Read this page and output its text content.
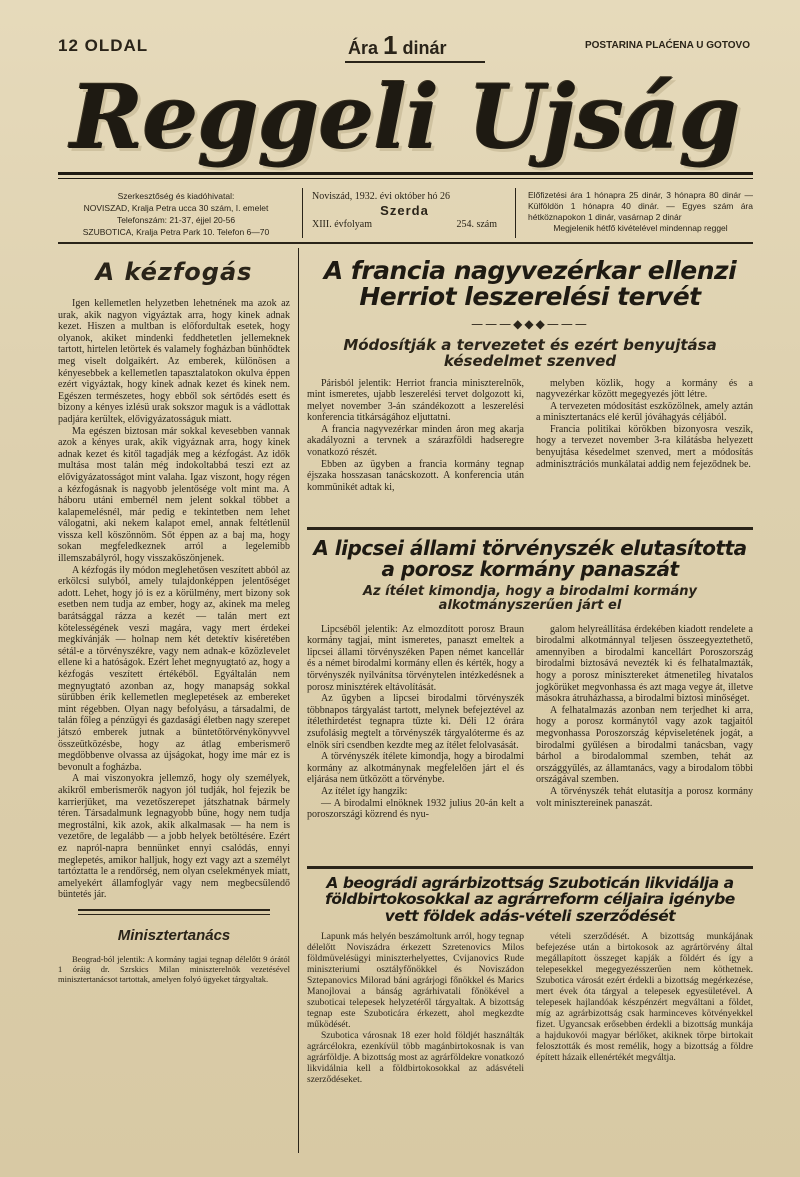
12 OLDAL	Ára 1 dinár	POSTARINA PLAĆENA U GOTOVO
Reggeli Ujság
Szerkesztőség és kiadóhivatal:
NOVISZAD, Kralja Petra ucca 30 szám, I. emelet
Telefonszám: 21-37, éjjel 20-56
SZUBOTICA, Kralja Petra Park 10. Telefon 6—70
Noviszád, 1932. évi október hó 26
Szerda
XIII. évfolyam	254. szám
Előfizetési ára 1 hónapra 25 dinár, 3 hónapra 80 dinár — Külföldön 1 hónapra 40 dinár. — Egyes szám ára hétköznapokon 1 dinár, vasárnap 2 dinár
Megjelenik hétfő kivételével mindennap reggel
A kézfogás

Igen kellemetlen helyzetben lehetnének ma azok az urak, akik nagyon vigyáztak arra, hogy kinek adnak kezet. Hiszen a multban is előfordultak esetek, hogy olyanok, akiket mindenki feddhetetlen jellemeknek tartott, hirtelen letörtek és valamely fogházban bünhődtek meg viselt dolgaikért. Az emberek, különösen a kényesebbek a kellemetlen tapasztalatokon okulva éppen ezért vigyáztak, hogy kinek adnak kezet és kinek nem. Egészen természetes, hogy ebből sok sértődés esett és bizony a kényes izlésü urak sokszor maguk is a vádlottak padjára kerültek, elővigyázatosságuk miatt.

Ma egészen biztosan már sokkal kevesebben vannak azok a kényes urak, akik vigyáznak arra, hogy kinek adnak kezet és kitől tagadják meg a kézfogást. Az idők multása most talán még indokoltabbá teszi ezt az elővigyázatosságot mint valaha. Igaz viszont, hogy régen a kézfogásnak is nagyobb jelentősége volt mint ma. A háboru utáni embernél nem jelent sokkal többet a kalapemelésnél, már pedig e tekintetben nem lehet válogatni, aki nekem kalapot emel, annak feltétlenül vissza kell köszönnöm. Sőt éppen az a baj ma, hogy sokan megfeledkeznek arról a legelemibb illemszabályról, hogy visszaköszönjenek.

A kézfogás ily módon meglehetősen veszített abból az erkölcsi sulyból, amely tulajdonképpen jelentőséget adott. Lehet, hogy jó is ez a körülmény, mert bizony sok esetben nem tudja az ember, hogy az, akinek ma meleg barátsággal rázza a kezét — talán mert ezt kötelességének veszi magára, vagy mert érdekei megkívánják — holnap nem két detektív kiséretében sétál-e a törvényszékre, vagy nem adnak-e közözlevelet ellene ki a hatóságok. Ezért lehet megnyugtató az, hogy a kézfogás veszített értékéből. Egyáltalán nem megnyugtató azonban az, hogy manapság sokkal sürűbben érik kellemetlen meglepetések az embereket mint régebben. Olyan nagy befolyásu, a társadalmi, de talán főleg a pénzügyi és gazdasági életben nagy szerepet játszó emberek jutnak a büntetőtörvénykönyvvel összeütközésbe, hogy az átlag emberismerő megdöbbenve olvassa az újságokat, hogy ime már ez is bevonult a fogházba.

A mai viszonyokra jellemző, hogy oly személyek, akikről emberismerők nagyon jól tudják, hol fejezik be karrierjüket, ma vezetőszerepet játszhatnak bármely téren. Társadalmunk legnagyobb bűne, hogy nem tudja megrostálni, kik azok, akik alkalmasak — ha nem is vezetőre, de legalább — a jobb helyek betöltésére. Ezért ez napról-napra bennünket ennyi csalódás, ennyi meglepetés, amikor halljuk, hogy ezt vagy azt a személyt tartóztatta le a rendőrség, nem olyan cselekmények miatt, amelyekért államfoglyár vagy nem megbecsülendő büntetés jár.

Minisztertanács

Beograd-ból jelentik: A kormány tagjai tegnap délelőtt 9 órától 1 óráig dr. Szrskics Milan miniszterelnök vezetésével minisztertanácsot tartottak, amelyen folyó ügyeket tárgyaltak.

A francia nagyvezérkar ellenzi Herriot leszerelési tervét
———◆◆◆———
Módosítják a tervezetet és ezért benyujtása késedelmet szenved

Párisból jelentik: Herriot francia miniszterelnök, mint ismeretes, ujabb leszerelési tervet dolgozott ki, melyet november 3-án szándékozott a leszerelési konferencia titkárságához eljuttatni.

A francia nagyvezérkar minden áron meg akarja akadályozni a tervnek a szárazföldi hadseregre vonatkozó részét.

Ebben az ügyben a francia kormány tegnap éjszaka hosszasan tanácskozott. A konferencia után kommünikét adtak ki,

melyben közlik, hogy a kormány és a nagyvezérkar között megegyezés jött létre.

A tervezeten módosítást eszközölnek, amely aztán a minisztertanács elé kerül jóváhagyás céljából.

Francia politikai körökben bizonyosra veszik, hogy a tervezet november 3-ra kilátásba helyezett benyujtása késedelmet szenved, mert a módosítás adminisztrációs munkálatai addig nem fejeződnek be.

A lipcsei állami törvényszék elutasította a porosz kormány panaszát
Az ítélet kimondja, hogy a birodalmi kormány alkotmányszerűen járt el

Lipcséből jelentik: Az elmozdított porosz Braun kormány tagjai, mint ismeretes, panaszt emeltek a lipcsei állami törvényszéken Papen német kancellár és a német birodalmi kormány ellen és kérték, hogy a törvényszék nyilvánítsa törvénytelen intézkedésnek a porosz minisztérek eltávolítását.

Az ügyben a lipcsei birodalmi törvényszék többnapos tárgyalást tartott, melynek befejeztével az ítélethirdetést tegnapra tűzte ki. Déli 12 órára zsufolásig megtelt a törvényszék tárgyalóterme és az elnök síri csendben kezdte meg az ítélet felolvasását.

A törvényszék ítélete kimondja, hogy a birodalmi kormány az alkotmánynak megfelelően járt el és eljárása nem ütközött a törvénybe.

Az ítélet így hangzik:

— A birodalmi elnöknek 1932 julius 20-án kelt a poroszországi közrend és nyu-

galom helyreállítása érdekében kiadott rendelete a birodalmi alkotmánnyal teljesen összeegyeztethető, amennyiben a birodalmi kancellárt Poroszország birodalmi biztosává nevezték ki és felhatalmazták, hogy a porosz minisztereket átmenetileg hivatalos jogkörüket megvonhassa és azt maga vegye át, illetve másokra átruházhassa, a birodalmi biztosi minőséget.

A felhatalmazás azonban nem terjedhet ki arra, hogy a porosz kormánytól vagy azok tagjaitól megvonhassa Poroszország képviseletének jogát, a birodalmi gyűlésen a birodalmi tanácsban, vagy bárhol a birodalommal szemben, tehát az országgyűlés, az államtanács, vagy a birodalom többi országával szemben.

A törvényszék tehát elutasítja a porosz kormány volt minisztereinek panaszát.

A beográdi agrárbizottság Szuboticán likvidálja a földbirtokosokkal az agrárreform céljaira igénybe vett földek adás-vételi szerződését

Lapunk más helyén beszámoltunk arról, hogy tegnap délelőtt Noviszádra érkezett Szretenovics Milos földmüvelésügyi miniszterhelyettes, Cvijanovics Rude miniszteriumi osztályfőnökkel és Noviszádon Sztepanovics Milorad báni agrárjogi főnökkel és Marics Manojlovai a bánság agrárhivatali főnökével a szuboticai telepesek helyzetéről tárgyaltak. A bizottság tegnap este Szuboticára érkezett, ahol megkezdte működését.

Szubotica városnak 18 ezer hold földjét használták agrárcélokra, ezenkívül több magánbirtokosnak is van agrárföldje. A bizottság most az agrárföldekre vonatkozó likvidálnia kell a földbirtokosokkal az adásvételi szerződéseket.

vételi szerződését. A bizottság munkájának befejezése után a birtokosok az agrártörvény által megállapított összeget kapják a földért és így a telepesekkel megegyezésszerűen nem köthetnek. Szubotica városát ezért érdekli a bizottság megérkezése, mert évek óta tárgyal a telepesek egyesületével. A telepesek hajlandóak készpénzért megváltani a földet, míg az agrárbizottság csak harminceves kötvényekkel fizet. Ugyancsak erősebben érdekli a bizottság munkája a hajdukovói magyar bérlőket, akiknek törpe birtokait felosztották és most remélik, hogy a bizottság a földre épített házaik ellenértékét megváltja.
